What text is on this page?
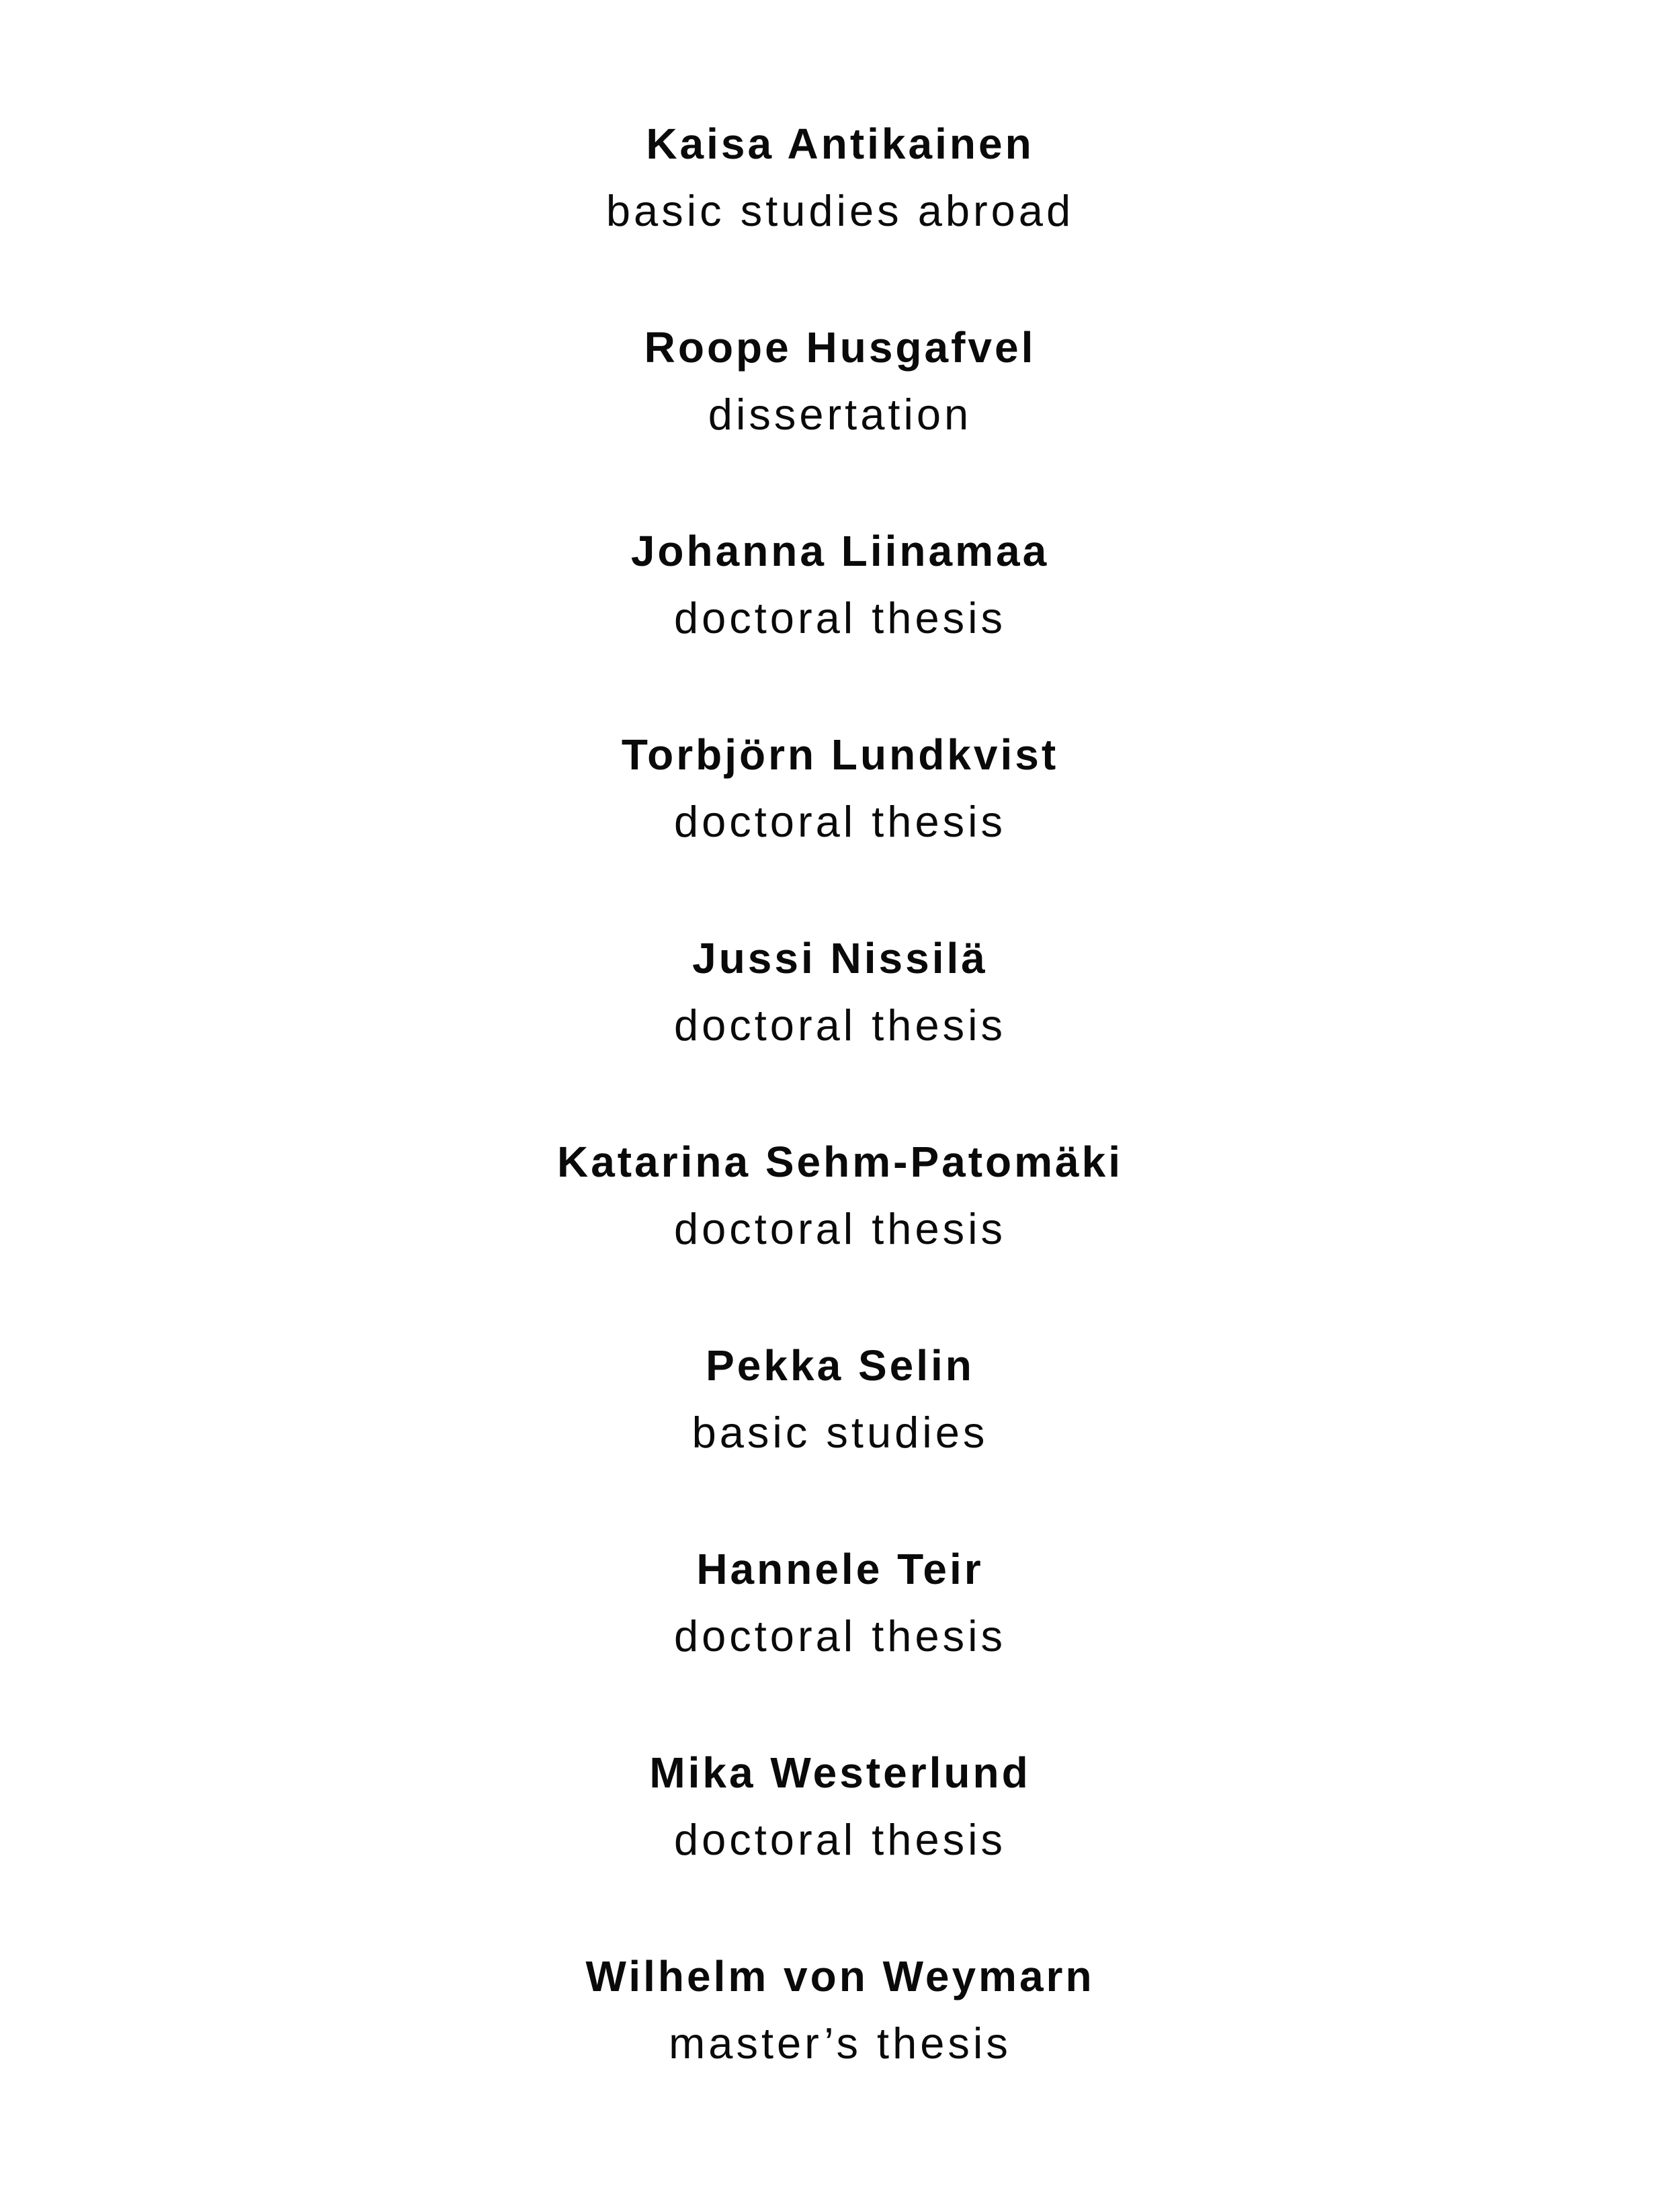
Kaisa Antikainen
basic studies abroad
Roope Husgafvel
dissertation
Johanna Liinamaa
doctoral thesis
Torbjörn Lundkvist
doctoral thesis
Jussi Nissilä
doctoral thesis
Katarina Sehm-Patomäki
doctoral thesis
Pekka Selin
basic studies
Hannele Teir
doctoral thesis
Mika Westerlund
doctoral thesis
Wilhelm von Weymarn
master’s thesis
